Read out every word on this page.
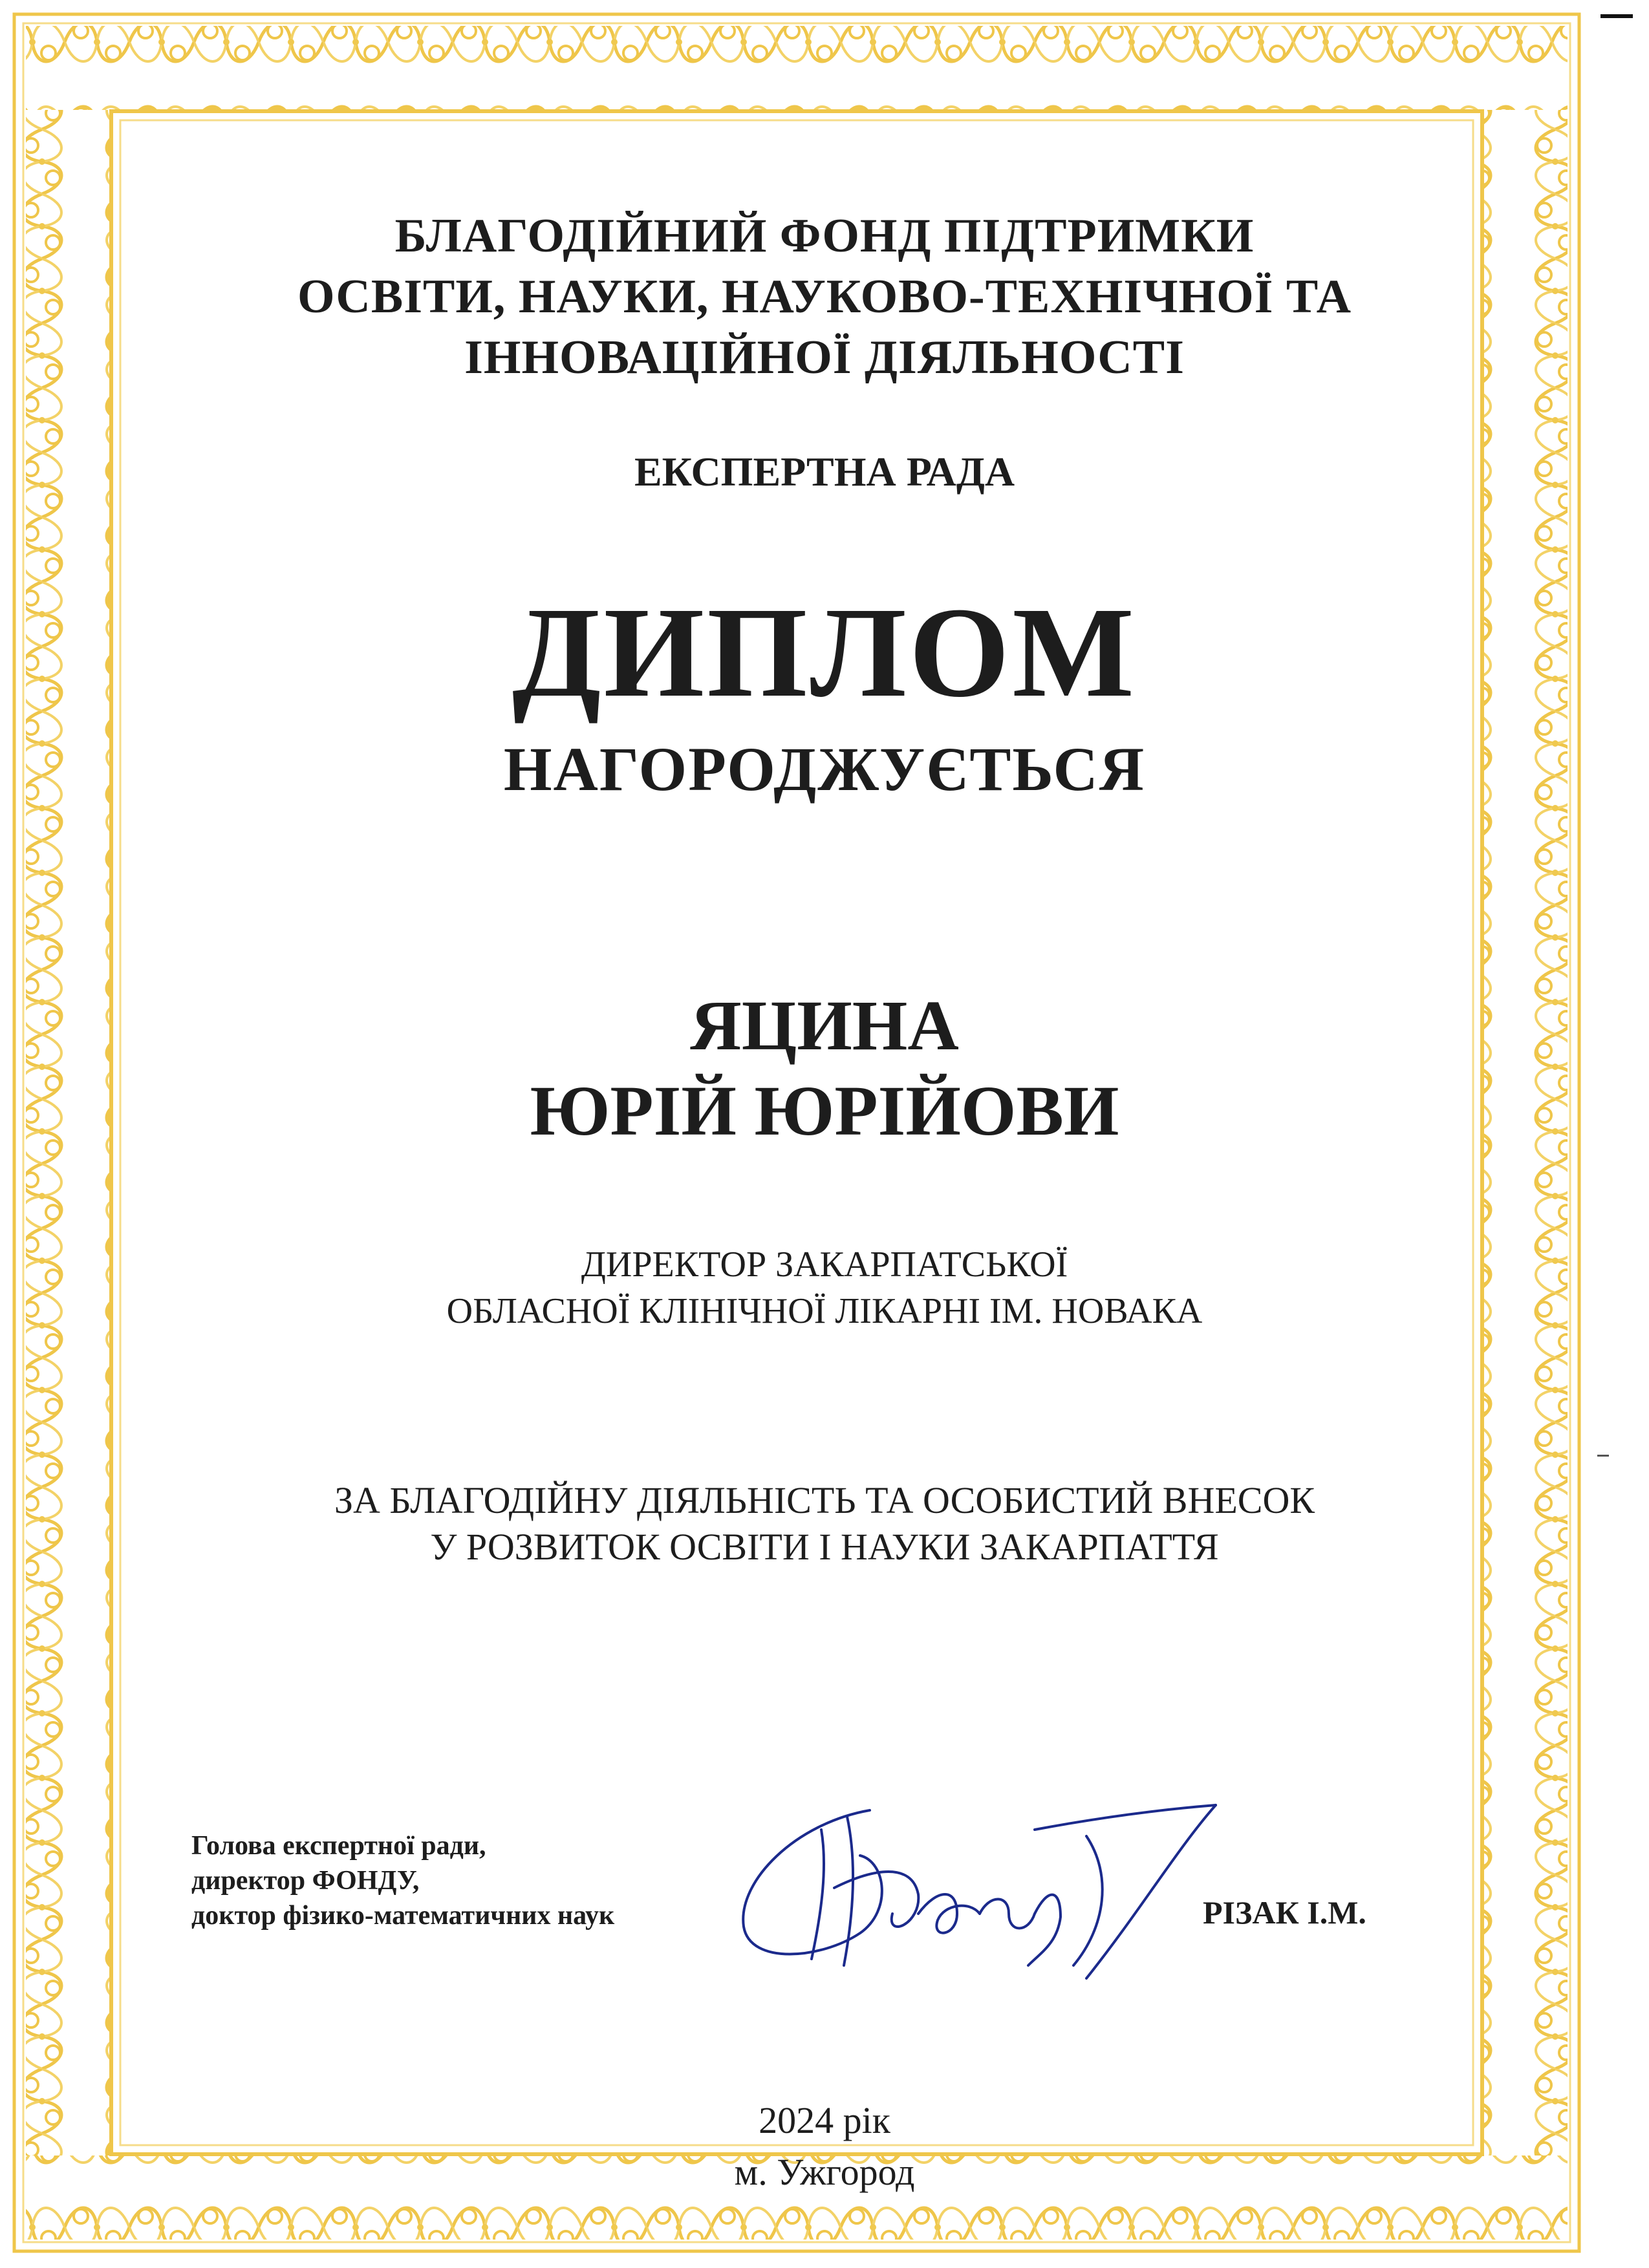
БЛАГОДІЙНИЙ ФОНД ПІДТРИМКИ
ОСВІТИ, НАУКИ, НАУКОВО-ТЕХНІЧНОЇ ТА
ІННОВАЦІЙНОЇ ДІЯЛЬНОСТІ
ЕКСПЕРТНА РАДА
ДИПЛОМ
НАГОРОДЖУЄТЬСЯ
ЯЦИНА
ЮРІЙ ЮРІЙОВИ
ДИРЕКТОР ЗАКАРПАТСЬКОЇ
ОБЛАСНОЇ КЛІНІЧНОЇ ЛІКАРНІ ІМ. НОВАКА
ЗА БЛАГОДІЙНУ ДІЯЛЬНІСТЬ ТА ОСОБИСТИЙ ВНЕСОК
У РОЗВИТОК ОСВІТИ І НАУКИ ЗАКАРПАТТЯ
Голова експертної ради,
директор ФОНДУ,
доктор фізико-математичних наук	РІЗАК І.М.

2024 рік
м. Ужгород
